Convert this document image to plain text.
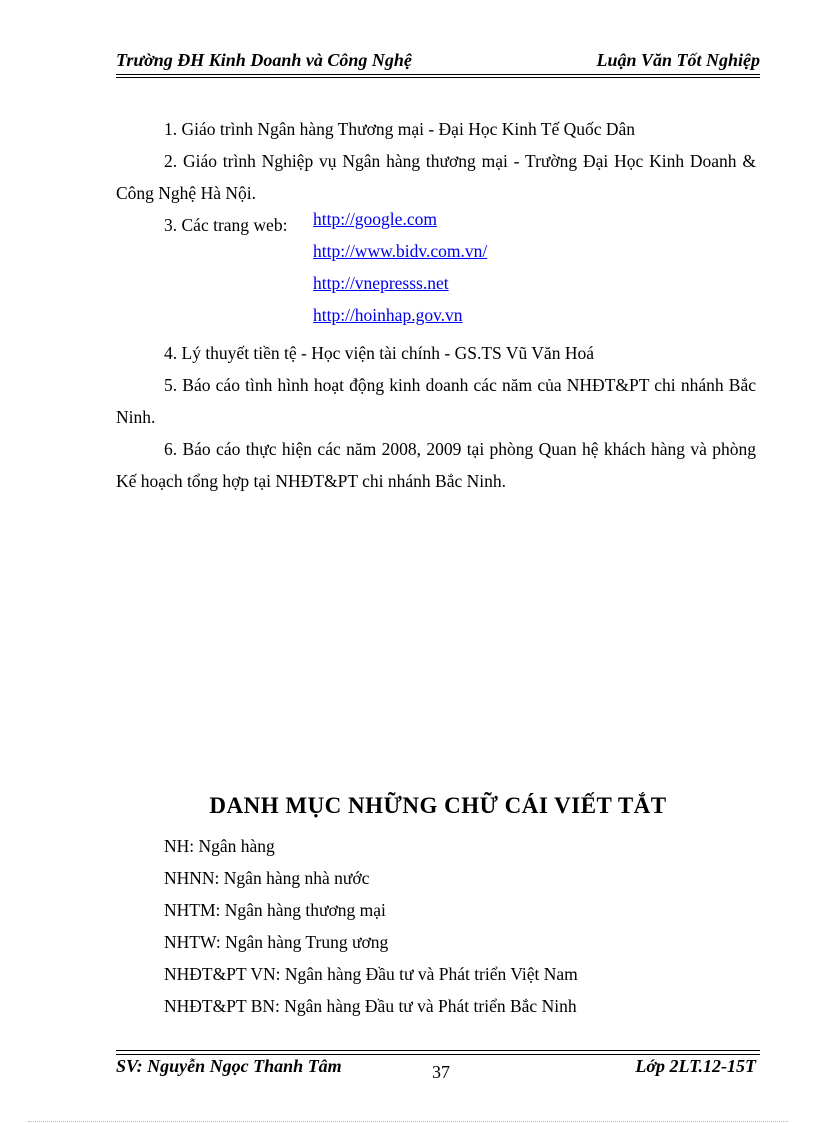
Trường ĐH Kinh Doanh và Công Nghệ	Luận Văn Tốt Nghiệp
1. Giáo trình Ngân hàng Thương mại - Đại Học Kinh Tế Quốc Dân
2. Giáo trình Nghiệp vụ Ngân hàng thương mại - Trường Đại Học Kinh Doanh & Công Nghệ Hà Nội.
3. Các trang web:	http://google.com
http://www.bidv.com.vn/
http://vnepresss.net
http://hoinhap.gov.vn
4. Lý thuyết tiền tệ - Học viện tài chính - GS.TS Vũ Văn Hoá
5. Báo cáo tình hình hoạt động kinh doanh các năm của NHĐT&PT chi nhánh Bắc Ninh.
6. Báo cáo thực hiện các năm 2008, 2009 tại phòng Quan hệ khách hàng và phòng Kế hoạch tổng hợp tại NHĐT&PT chi nhánh Bắc Ninh.
DANH MỤC NHỮNG CHỮ CÁI VIẾT TẮT
NH: Ngân hàng
NHNN: Ngân hàng nhà nước
NHTM: Ngân hàng thương mại
NHTW: Ngân hàng Trung ương
NHĐT&PT VN: Ngân hàng Đầu tư và Phát triển Việt Nam
NHĐT&PT BN: Ngân hàng Đầu tư và Phát triển Bắc Ninh
SV: Nguyễn Ngọc Thanh Tâm	37	Lớp 2LT.12-15T
